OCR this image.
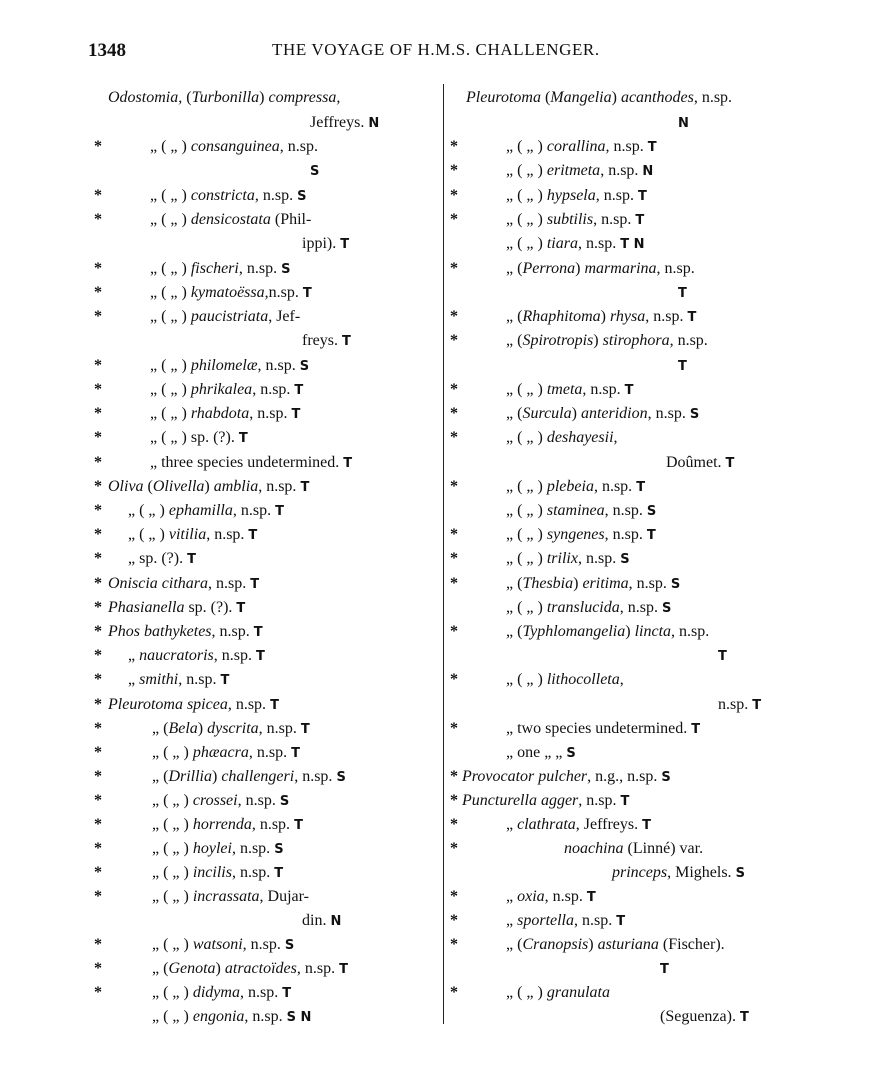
1348	THE VOYAGE OF H.M.S. CHALLENGER.
Odostomia, (Turbonilla) compressa,
Jeffreys. N
*	„ ( „ ) consanguinea, n.sp.
S
*	„ ( „ ) constricta, n.sp. S
*	„ ( „ ) densicostata (Phil-
ippi). T
*	„ ( „ ) fischeri, n.sp. S
*	„ ( „ ) kymatoëssa,n.sp. T
*	„ ( „ ) paucistriata, Jef-
freys. T
*	„ ( „ ) philomelæ, n.sp. S
*	„ ( „ ) phrikalea, n.sp. T
*	„ ( „ ) rhabdota, n.sp. T
*	„ ( „ ) sp. (?). T
*	„ three species undetermined. T
* Oliva (Olivella) amblia, n.sp. T
* „ ( „ ) ephamilla, n.sp. T
* „ ( „ ) vitilia, n.sp. T
* „ sp. (?). T
* Oniscia cithara, n.sp. T
* Phasianella sp. (?). T
* Phos bathyketes, n.sp. T
* „ naucratoris, n.sp. T
* „ smithi, n.sp. T
* Pleurotoma spicea, n.sp. T
*	„ (Bela) dyscrita, n.sp. T
*	„ ( „ ) phæacra, n.sp. T
*	„ (Drillia) challengeri, n.sp. S
*	„ ( „ ) crossei, n.sp. S
*	„ ( „ ) horrenda, n.sp. T
*	„ ( „ ) hoylei, n.sp. S
*	„ ( „ ) incilis, n.sp. T
*	„ ( „ ) incrassata, Dujar-
din. N
*	„ ( „ ) watsoni, n.sp. S
*	„ (Genota) atractoïdes, n.sp. T
*	„ ( „ ) didyma, n.sp. T
„ ( „ ) engonia, n.sp. S N
Pleurotoma (Mangelia) acanthodes, n.sp.
N
*	„ ( „ ) corallina, n.sp. T
*	„ ( „ ) eritmeta, n.sp. N
*	„ ( „ ) hypsela, n.sp. T
*	„ ( „ ) subtilis, n.sp. T
„ ( „ ) tiara, n.sp. T N
*	„ (Perrona) marmarina, n.sp.
T
*	„ (Rhaphitoma) rhysa, n.sp. T
*	„ (Spirotropis) stirophora, n.sp.
T
*	„ ( „ ) tmeta, n.sp. T
*	„ (Surcula) anteridion, n.sp. S
*	„ ( „ ) deshayesii,
Doûmet. T
*	„ ( „ ) plebeia, n.sp. T
„ ( „ ) staminea, n.sp. S
*	„ ( „ ) syngenes, n.sp. T
*	„ ( „ ) trilix, n.sp. S
*	„ (Thesbia) eritima, n.sp. S
„ ( „ ) translucida, n.sp. S
*	„ (Typhlomangelia) lincta, n.sp.
T
*	„ ( „ ) lithocolleta,
n.sp. T
*	„ two species undetermined. T
„ one „ „ S
* Provocator pulcher, n.g., n.sp. S
* Puncturella agger, n.sp. T
*	„ clathrata, Jeffreys. T
*	noachina (Linné) var.
princeps, Mighels. S
*	„ oxia, n.sp. T
*	„ sportella, n.sp. T
*	„ (Cranopsis) asturiana (Fischer).
T
*	„ ( „ ) granulata
(Seguenza). T
